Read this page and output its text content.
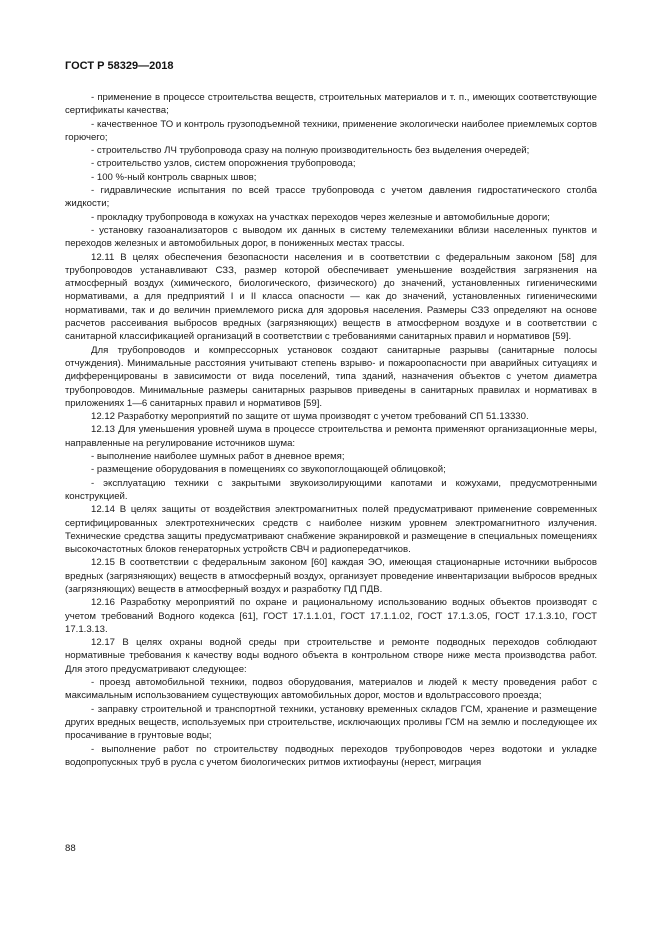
ГОСТ Р 58329—2018

- применение в процессе строительства веществ, строительных материалов и т. п., имеющих соответствующие сертификаты качества;

- качественное ТО и контроль грузоподъемной техники, применение экологически наиболее приемлемых сортов горючего;

- строительство ЛЧ трубопровода сразу на полную производительность без выделения очередей;

- строительство узлов, систем опорожнения трубопровода;

- 100 %-ный контроль сварных швов;

- гидравлические испытания по всей трассе трубопровода с учетом давления гидростатического столба жидкости;

- прокладку трубопровода в кожухах на участках переходов через железные и автомобильные дороги;

- установку газоанализаторов с выводом их данных в систему телемеханики вблизи населенных пунктов и переходов железных и автомобильных дорог, в пониженных местах трассы.

12.11 В целях обеспечения безопасности населения и в соответствии с федеральным законом [58] для трубопроводов устанавливают СЗЗ, размер которой обеспечивает уменьшение воздействия загрязнения на атмосферный воздух (химического, биологического, физического) до значений, установленных гигиеническими нормативами, а для предприятий I и II класса опасности — как до значений, установленных гигиеническими нормативами, так и до величин приемлемого риска для здоровья населения. Размеры СЗЗ определяют на основе расчетов рассеивания выбросов вредных (загрязняющих) веществ в атмосферном воздухе и в соответствии с санитарной классификацией организаций в соответствии с требованиями санитарных правил и нормативов [59].

Для трубопроводов и компрессорных установок создают санитарные разрывы (санитарные полосы отчуждения). Минимальные расстояния учитывают степень взрыво- и пожароопасности при аварийных ситуациях и дифференцированы в зависимости от вида поселений, типа зданий, назначения объектов с учетом диаметра трубопроводов. Минимальные размеры санитарных разрывов приведены в санитарных правилах и нормативах в приложениях 1—6 санитарных правил и нормативов [59].

12.12 Разработку мероприятий по защите от шума производят с учетом требований СП 51.13330.

12.13 Для уменьшения уровней шума в процессе строительства и ремонта применяют организационные меры, направленные на регулирование источников шума:

- выполнение наиболее шумных работ в дневное время;

- размещение оборудования в помещениях со звукопоглощающей облицовкой;

- эксплуатацию техники с закрытыми звукоизолирующими капотами и кожухами, предусмотренными конструкцией.

12.14 В целях защиты от воздействия электромагнитных полей предусматривают применение современных сертифицированных электротехнических средств с наиболее низким уровнем электромагнитного излучения. Технические средства защиты предусматривают снабжение экранировкой и размещение в специальных помещениях высокочастотных блоков генераторных устройств СВЧ и радиопередатчиков.

12.15 В соответствии с федеральным законом [60] каждая ЭО, имеющая стационарные источники выбросов вредных (загрязняющих) веществ в атмосферный воздух, организует проведение инвентаризации выбросов вредных (загрязняющих) веществ в атмосферный воздух и разработку ПД ПДВ.

12.16 Разработку мероприятий по охране и рациональному использованию водных объектов производят с учетом требований Водного кодекса [61], ГОСТ 17.1.1.01, ГОСТ 17.1.1.02, ГОСТ 17.1.3.05, ГОСТ 17.1.3.10, ГОСТ 17.1.3.13.

12.17 В целях охраны водной среды при строительстве и ремонте подводных переходов соблюдают нормативные требования к качеству воды водного объекта в контрольном створе ниже места производства работ. Для этого предусматривают следующее:

- проезд автомобильной техники, подвоз оборудования, материалов и людей к месту проведения работ с максимальным использованием существующих автомобильных дорог, мостов и вдольтрассового проезда;

- заправку строительной и транспортной техники, установку временных складов ГСМ, хранение и размещение других вредных веществ, используемых при строительстве, исключающих проливы ГСМ на землю и последующее их просачивание в грунтовые воды;

- выполнение работ по строительству подводных переходов трубопроводов через водотоки и укладке водопропускных труб в русла с учетом биологических ритмов ихтиофауны (нерест, миграция

88
